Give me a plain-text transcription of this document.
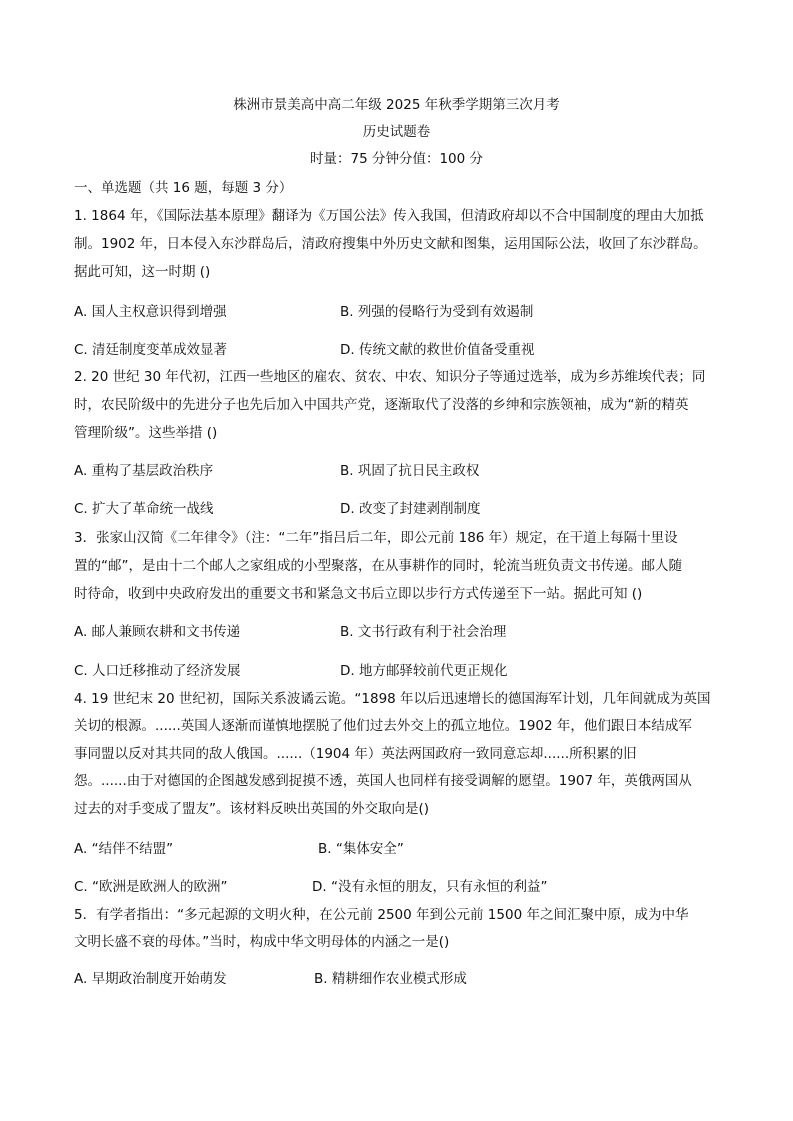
株洲市景美高中高二年级 2025 年秋季学期第三次月考
历史试题卷
时量：75 分钟分值：100 分
一、单选题（共 16 题，每题 3 分）
1. 1864 年，《国际法基本原理》翻译为《万国公法》传入我国，但清政府却以不合中国制度的理由大加抵
制。1902 年，日本侵入东沙群岛后，清政府搜集中外历史文献和图集，运用国际公法，收回了东沙群岛。
据此可知，这一时期 ()
A. 国人主权意识得到增强	B. 列强的侵略行为受到有效遏制
C. 清廷制度变革成效显著	D. 传统文献的救世价值备受重视
2. 20 世纪 30 年代初，江西一些地区的雇农、贫农、中农、知识分子等通过选举，成为乡苏维埃代表；同
时，农民阶级中的先进分子也先后加入中国共产党，逐渐取代了没落的乡绅和宗族领袖，成为“新的精英
管理阶级”。这些举措 ()
A. 重构了基层政治秩序	B. 巩固了抗日民主政权
C. 扩大了革命统一战线	D. 改变了封建剥削制度
3．张家山汉简《二年律令》（注：“二年”指吕后二年，即公元前 186 年）规定，在干道上每隔十里设
置的“邮”，是由十二个邮人之家组成的小型聚落，在从事耕作的同时，轮流当班负责文书传递。邮人随
时待命，收到中央政府发出的重要文书和紧急文书后立即以步行方式传递至下一站。据此可知 ()
A. 邮人兼顾农耕和文书传递	B. 文书行政有利于社会治理
C. 人口迁移推动了经济发展	D. 地方邮驿较前代更正规化
4. 19 世纪末 20 世纪初，国际关系波谲云诡。“1898 年以后迅速增长的德国海军计划，几年间就成为英国
关切的根源。......英国人逐渐而谨慎地摆脱了他们过去外交上的孤立地位。1902 年，他们跟日本结成军
事同盟以反对其共同的敌人俄国。......（1904 年）英法两国政府一致同意忘却......所积累的旧
怨。......由于对德国的企图越发感到捉摸不透，英国人也同样有接受调解的愿望。1907 年，英俄两国从
过去的对手变成了盟友”。该材料反映出英国的外交取向是()
A. “结伴不结盟”	B. “集体安全”
C. “欧洲是欧洲人的欧洲”	D. “没有永恒的朋友，只有永恒的利益”
5．有学者指出：“多元起源的文明火种，在公元前 2500 年到公元前 1500 年之间汇聚中原，成为中华
文明长盛不衰的母体。”当时，构成中华文明母体的内涵之一是()
A. 早期政治制度开始萌发	B. 精耕细作农业模式形成
